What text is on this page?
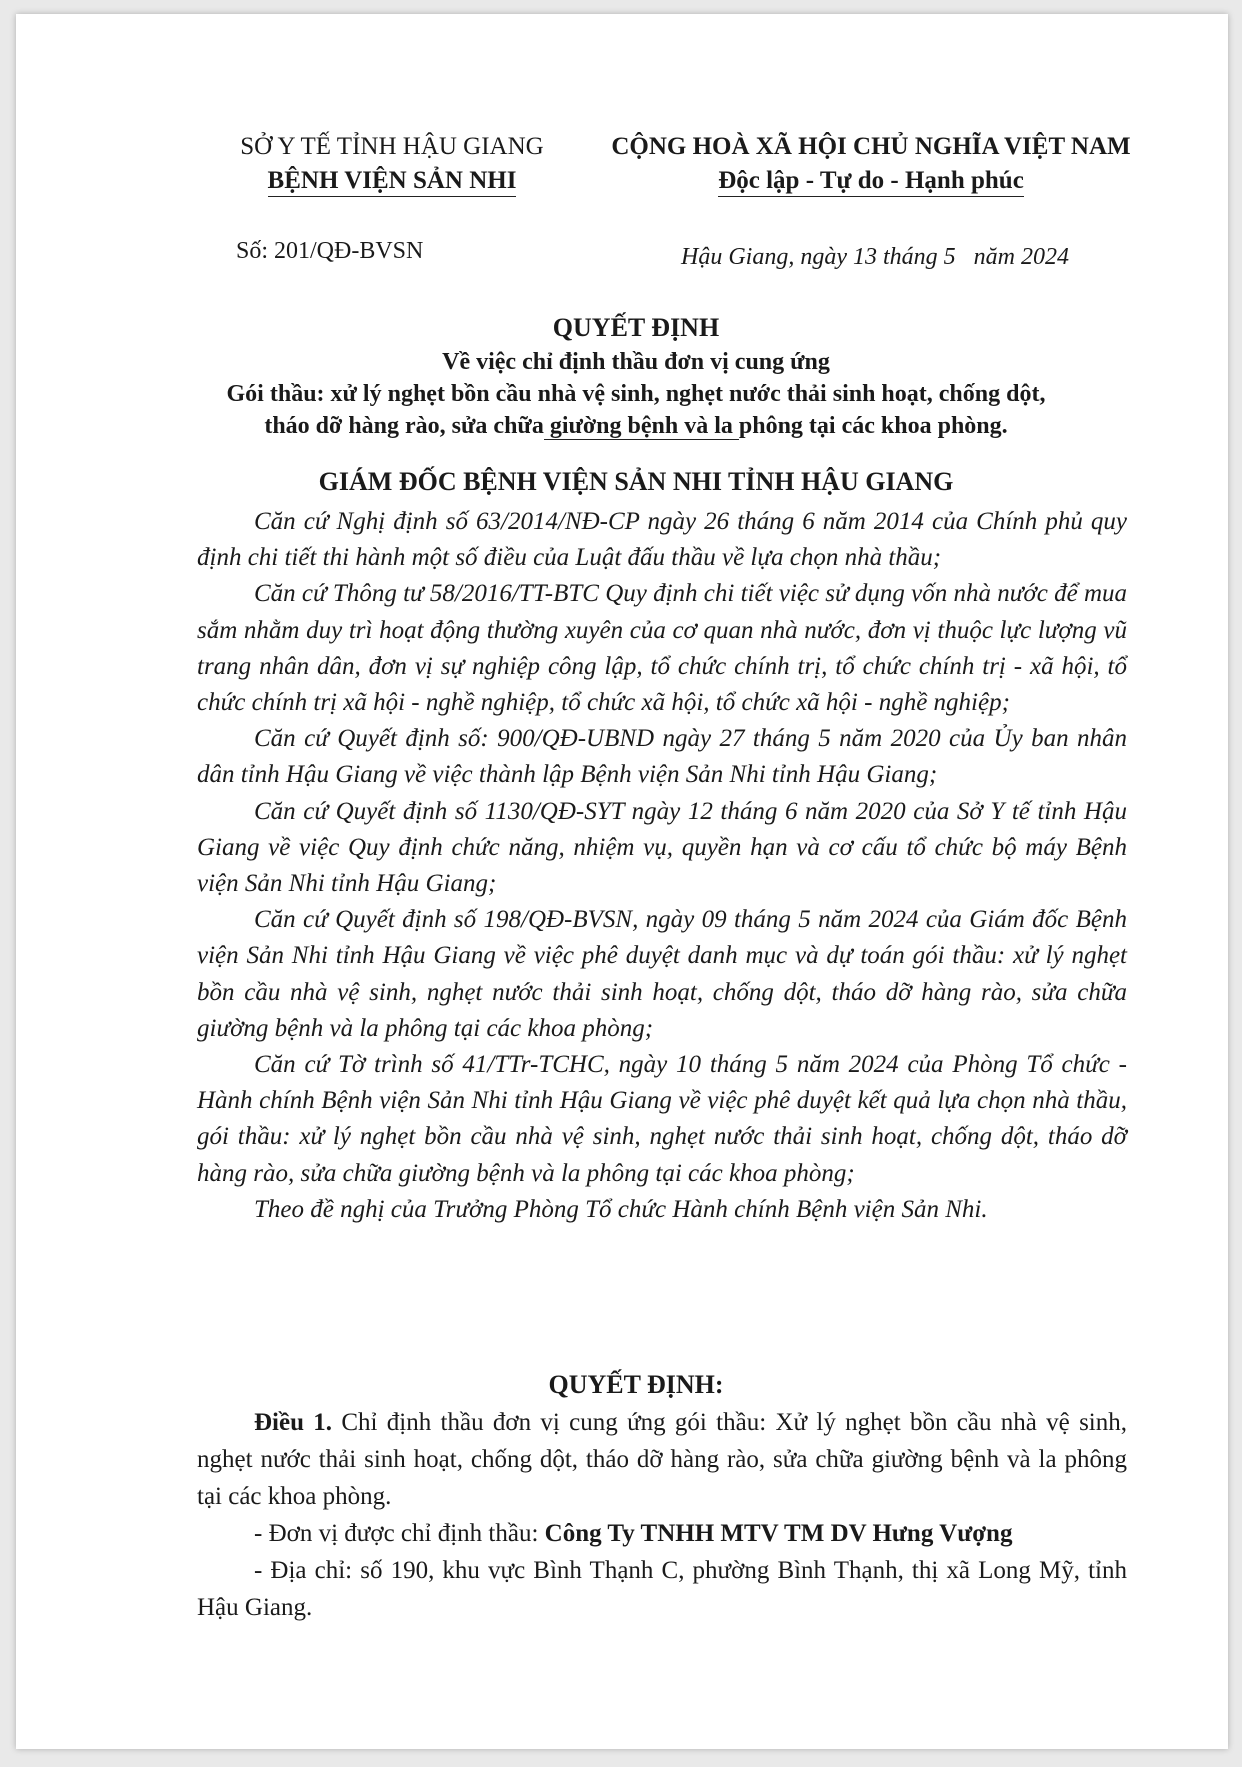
SỞ Y TẾ TỈNH HẬU GIANG
BỆNH VIỆN SẢN NHI
CỘNG HOÀ XÃ HỘI CHỦ NGHĨA VIỆT NAM
Độc lập - Tự do - Hạnh phúc
Số: 201/QĐ-BVSN	Hậu Giang, ngày 13 tháng 5   năm 2024
QUYẾT ĐỊNH
Về việc chỉ định thầu đơn vị cung ứng
Gói thầu: xử lý nghẹt bồn cầu nhà vệ sinh, nghẹt nước thải sinh hoạt, chống dột,
tháo dỡ hàng rào, sửa chữa giường bệnh và la phông tại các khoa phòng.
GIÁM ĐỐC BỆNH VIỆN SẢN NHI TỈNH HẬU GIANG

Căn cứ Nghị định số 63/2014/NĐ-CP ngày 26 tháng 6 năm 2014 của Chính phủ quy định chi tiết thi hành một số điều của Luật đấu thầu về lựa chọn nhà thầu;

Căn cứ Thông tư 58/2016/TT-BTC Quy định chi tiết việc sử dụng vốn nhà nước để mua sắm nhằm duy trì hoạt động thường xuyên của cơ quan nhà nước, đơn vị thuộc lực lượng vũ trang nhân dân, đơn vị sự nghiệp công lập, tổ chức chính trị, tổ chức chính trị - xã hội, tổ chức chính trị xã hội - nghề nghiệp, tổ chức xã hội, tổ chức xã hội - nghề nghiệp;

Căn cứ Quyết định số: 900/QĐ-UBND ngày 27 tháng 5 năm 2020 của Ủy ban nhân dân tỉnh Hậu Giang về việc thành lập Bệnh viện Sản Nhi tỉnh Hậu Giang;

Căn cứ Quyết định số 1130/QĐ-SYT ngày 12 tháng 6 năm 2020 của Sở Y tế tỉnh Hậu Giang về việc Quy định chức năng, nhiệm vụ, quyền hạn và cơ cấu tổ chức bộ máy Bệnh viện Sản Nhi tỉnh Hậu Giang;

Căn cứ Quyết định số 198/QĐ-BVSN, ngày 09 tháng 5 năm 2024 của Giám đốc Bệnh viện Sản Nhi tỉnh Hậu Giang về việc phê duyệt danh mục và dự toán gói thầu: xử lý nghẹt bồn cầu nhà vệ sinh, nghẹt nước thải sinh hoạt, chống dột, tháo dỡ hàng rào, sửa chữa giường bệnh và la phông tại các khoa phòng;

Căn cứ Tờ trình số 41/TTr-TCHC, ngày 10 tháng 5 năm 2024 của Phòng Tổ chức - Hành chính Bệnh viện Sản Nhi tỉnh Hậu Giang về việc phê duyệt kết quả lựa chọn nhà thầu, gói thầu: xử lý nghẹt bồn cầu nhà vệ sinh, nghẹt nước thải sinh hoạt, chống dột, tháo dỡ hàng rào, sửa chữa giường bệnh và la phông tại các khoa phòng;

Theo đề nghị của Trưởng Phòng Tổ chức Hành chính Bệnh viện Sản Nhi.

QUYẾT ĐỊNH:

Điều 1. Chỉ định thầu đơn vị cung ứng gói thầu: Xử lý nghẹt bồn cầu nhà vệ sinh, nghẹt nước thải sinh hoạt, chống dột, tháo dỡ hàng rào, sửa chữa giường bệnh và la phông tại các khoa phòng.

- Đơn vị được chỉ định thầu: Công Ty TNHH MTV TM DV Hưng Vượng

- Địa chỉ: số 190, khu vực Bình Thạnh C, phường Bình Thạnh, thị xã Long Mỹ, tỉnh Hậu Giang.
